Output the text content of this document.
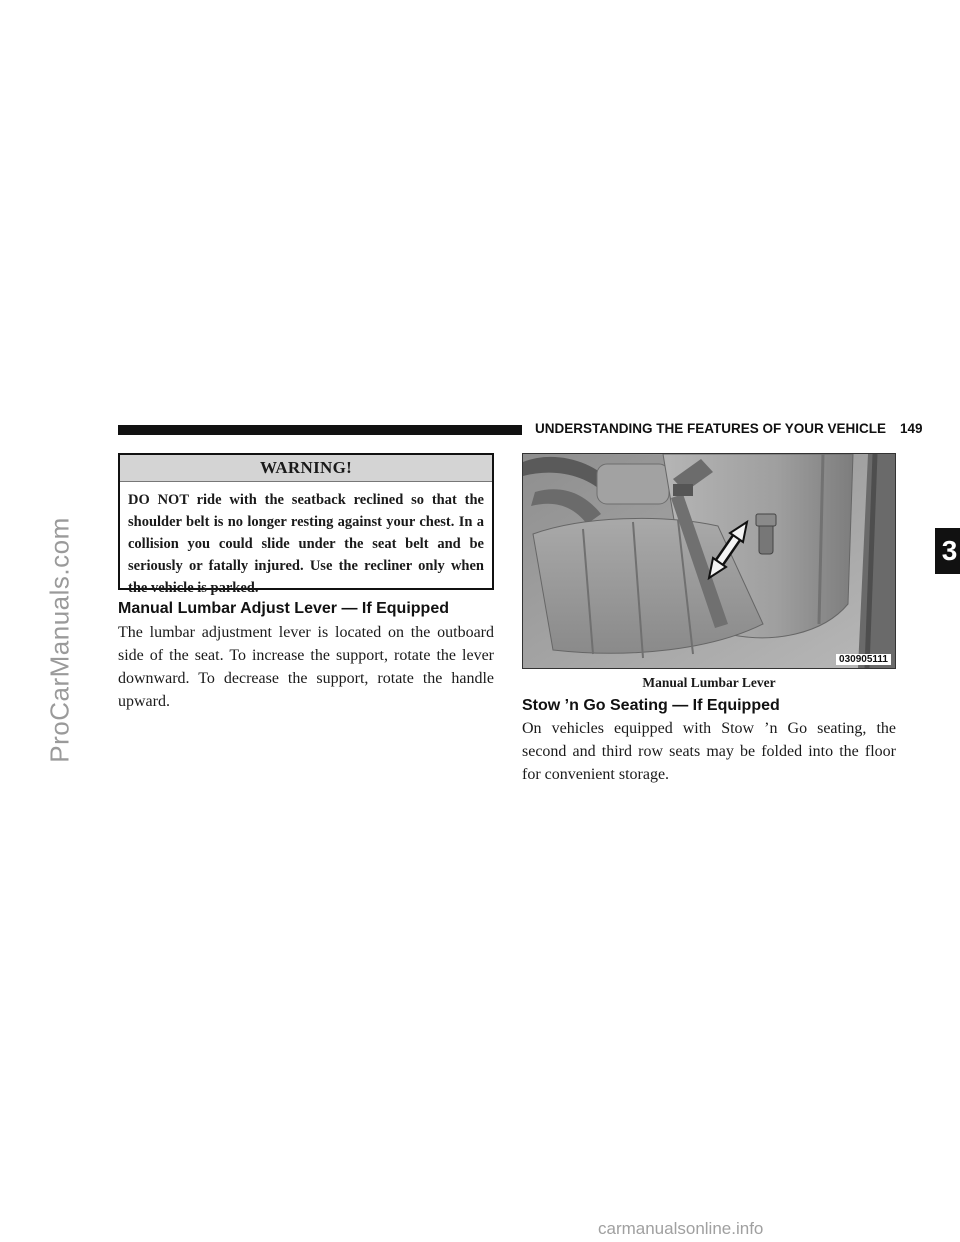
ProCarManuals.com
carmanualsonline.info
UNDERSTANDING THE FEATURES OF YOUR VEHICLE 149
3
WARNING!
DO NOT ride with the seatback reclined so that the shoulder belt is no longer resting against your chest. In a collision you could slide under the seat belt and be seriously or fatally injured. Use the recliner only when the vehicle is parked.
Manual Lumbar Adjust Lever — If Equipped

The lumbar adjustment lever is located on the outboard side of the seat. To increase the support, rotate the lever downward. To decrease the support, rotate the handle upward.

030905111
Manual Lumbar Lever
Stow ’n Go Seating — If Equipped

On vehicles equipped with Stow ’n Go seating, the second and third row seats may be folded into the floor for convenient storage.
